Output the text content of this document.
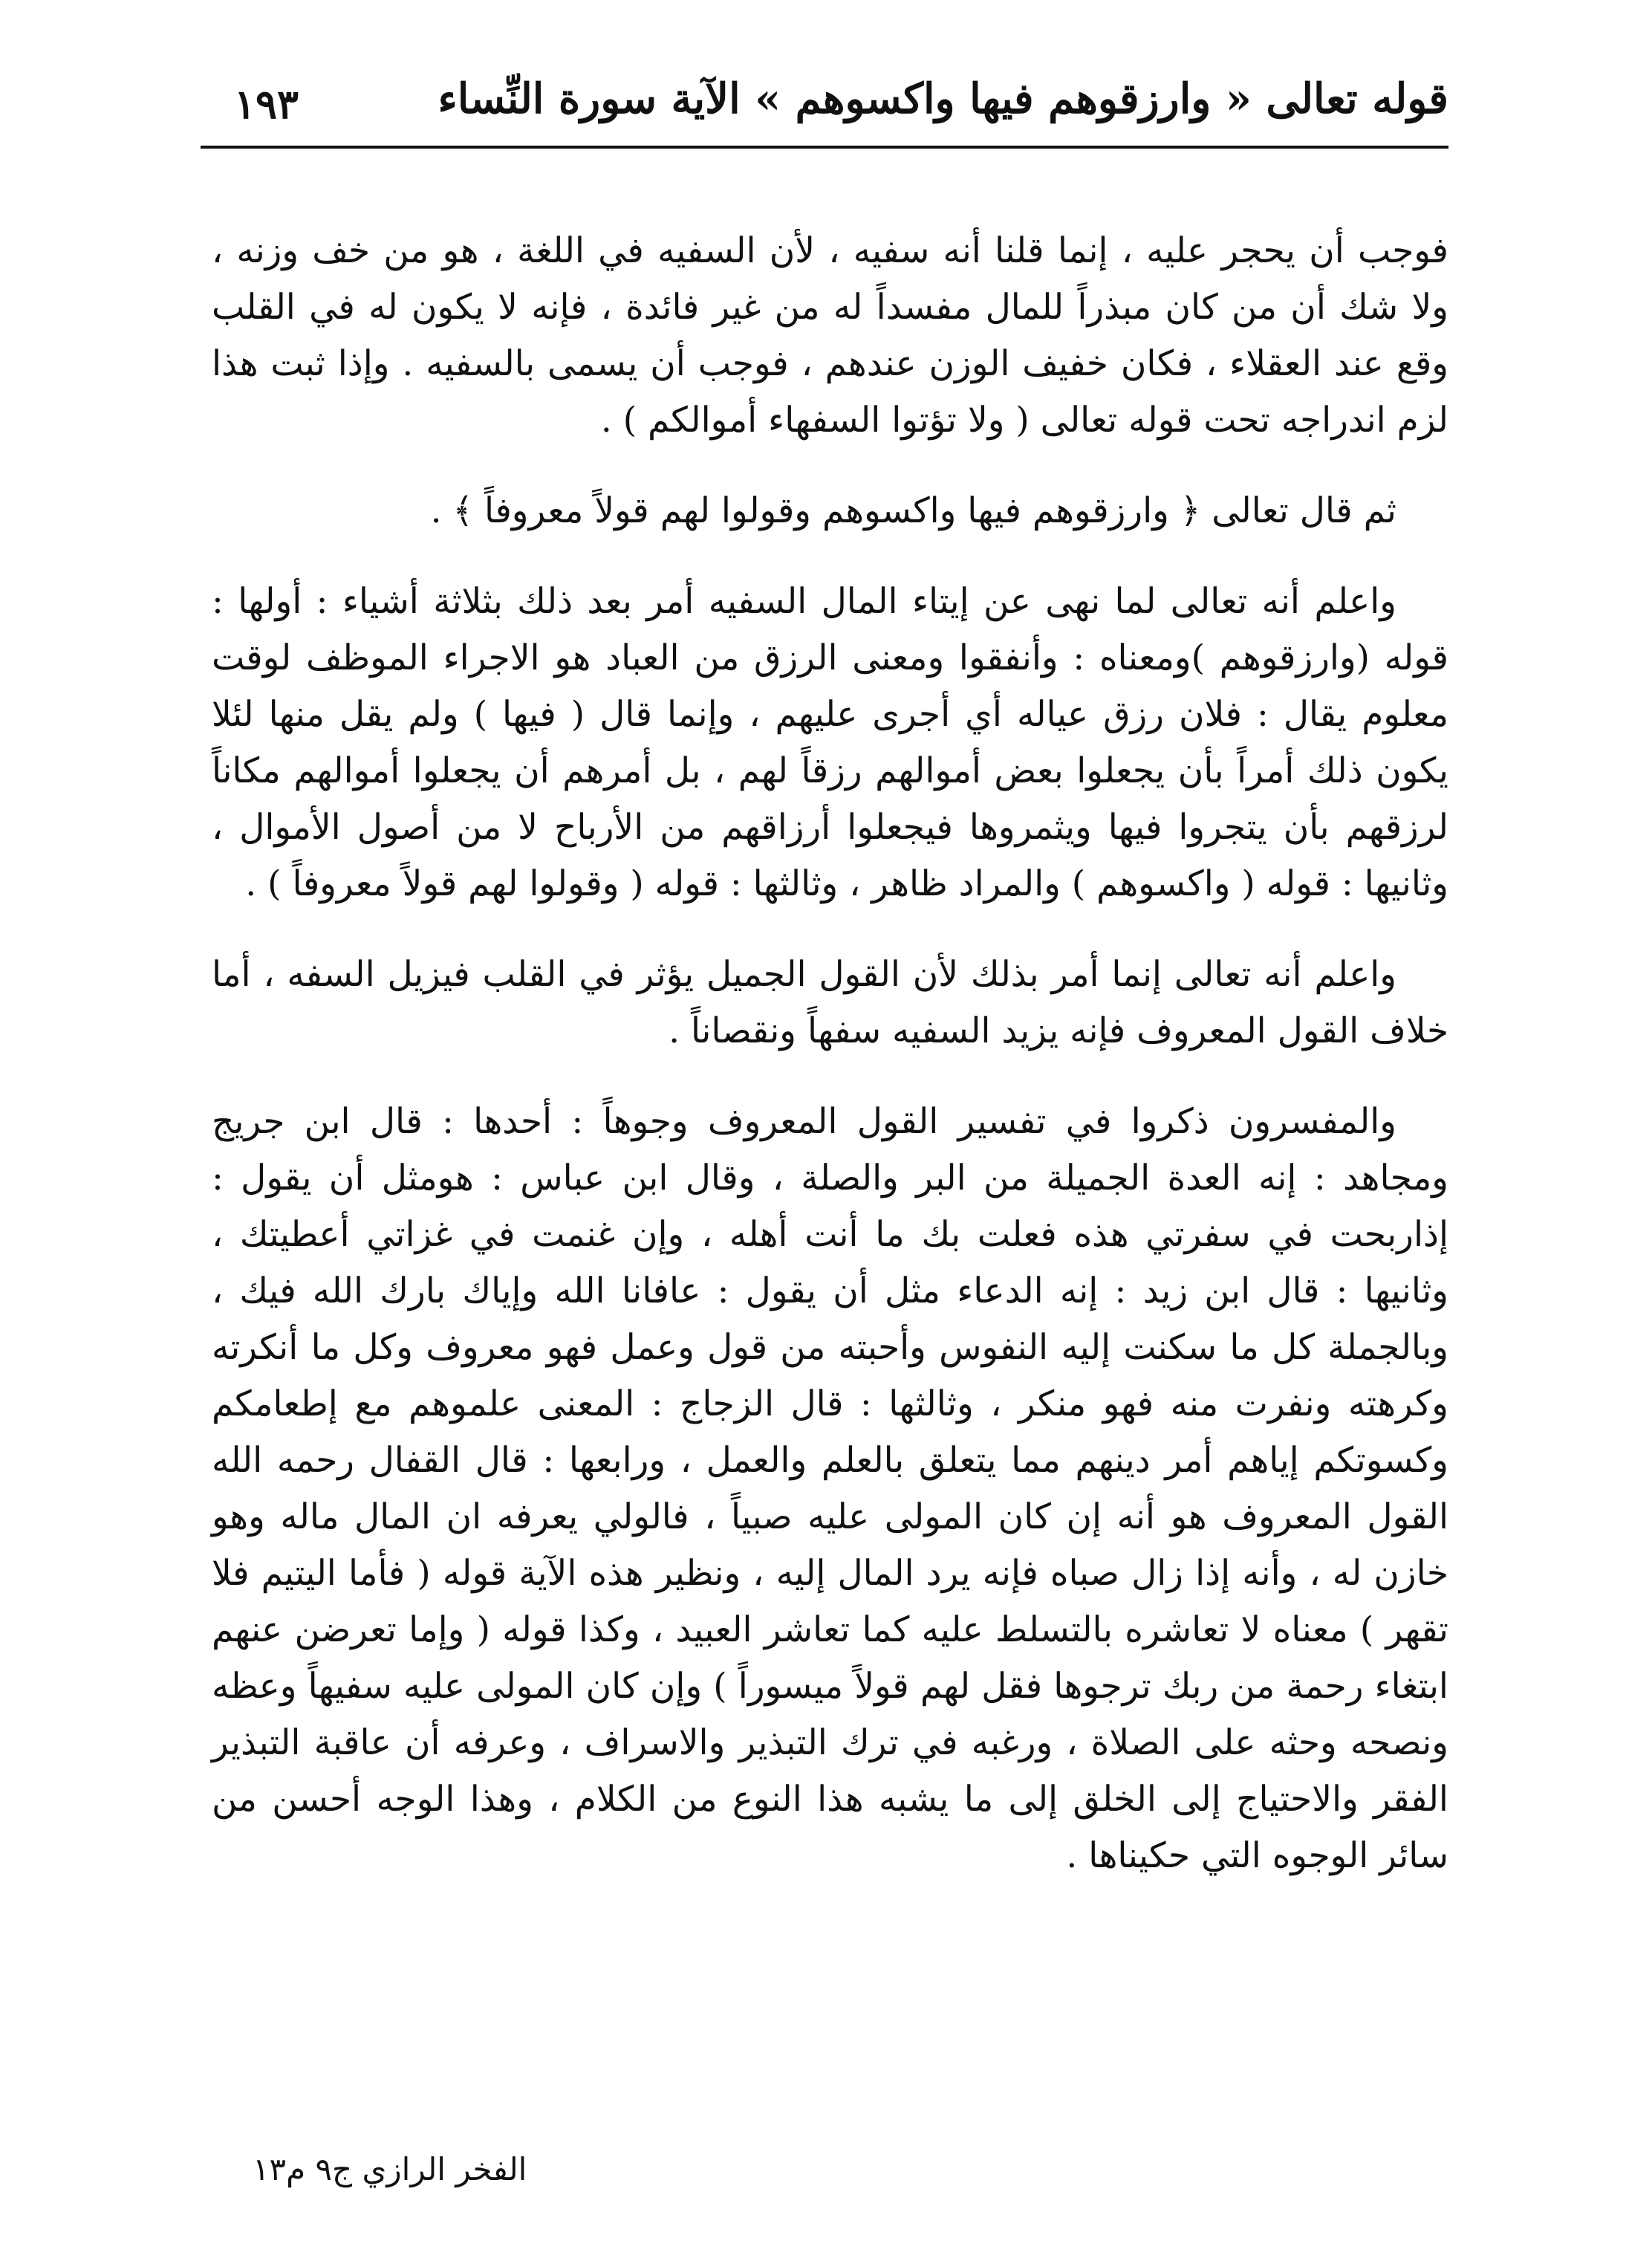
قوله تعالى « وارزقوهم فيها واكسوهم » الآية سورة النِّساء
١٩٣

فوجب أن يحجر عليه ، إنما قلنا أنه سفيه ، لأن السفيه في اللغة ، هو من خف وزنه ، ولا شك أن من كان مبذراً للمال مفسداً له من غير فائدة ، فإنه لا يكون له في القلب وقع عند العقلاء ، فكان خفيف الوزن عندهم ، فوجب أن يسمى بالسفيه . وإذا ثبت هذا لزم اندراجه تحت قوله تعالى ( ولا تؤتوا السفهاء أموالكم ) .

ثم قال تعالى ﴿ وارزقوهم فيها واكسوهم وقولوا لهم قولاً معروفاً ﴾ .

واعلم أنه تعالى لما نهى عن إيتاء المال السفيه أمر بعد ذلك بثلاثة أشياء : أولها : قوله (وارزقوهم )ومعناه : وأنفقوا ومعنى الرزق من العباد هو الاجراء الموظف لوقت معلوم يقال : فلان رزق عياله أي أجرى عليهم ، وإنما قال ( فيها ) ولم يقل منها لئلا يكون ذلك أمراً بأن يجعلوا بعض أموالهم رزقاً لهم ، بل أمرهم أن يجعلوا أموالهم مكاناً لرزقهم بأن يتجروا فيها ويثمروها فيجعلوا أرزاقهم من الأرباح لا من أصول الأموال ، وثانيها : قوله ( واكسوهم ) والمراد ظاهر ، وثالثها : قوله ( وقولوا لهم قولاً معروفاً ) .

واعلم أنه تعالى إنما أمر بذلك لأن القول الجميل يؤثر في القلب فيزيل السفه ، أما خلاف القول المعروف فإنه يزيد السفيه سفهاً ونقصاناً .

والمفسرون ذكروا في تفسير القول المعروف وجوهاً : أحدها : قال ابن جريج ومجاهد : إنه العدة الجميلة من البر والصلة ، وقال ابن عباس : هومثل أن يقول : إذاربحت في سفرتي هذه فعلت بك ما أنت أهله ، وإن غنمت في غزاتي أعطيتك ، وثانيها : قال ابن زيد : إنه الدعاء مثل أن يقول : عافانا الله وإياك بارك الله فيك ، وبالجملة كل ما سكنت إليه النفوس وأحبته من قول وعمل فهو معروف وكل ما أنكرته وكرهته ونفرت منه فهو منكر ، وثالثها : قال الزجاج : المعنى علموهم مع إطعامكم وكسوتكم إياهم أمر دينهم مما يتعلق بالعلم والعمل ، ورابعها : قال القفال رحمه الله القول المعروف هو أنه إن كان المولى عليه صبياً ، فالولي يعرفه ان المال ماله وهو خازن له ، وأنه إذا زال صباه فإنه يرد المال إليه ، ونظير هذه الآية قوله ( فأما اليتيم فلا تقهر ) معناه لا تعاشره بالتسلط عليه كما تعاشر العبيد ، وكذا قوله ( وإما تعرضن عنهم ابتغاء رحمة من ربك ترجوها فقل لهم قولاً ميسوراً ) وإن كان المولى عليه سفيهاً وعظه ونصحه وحثه على الصلاة ، ورغبه في ترك التبذير والاسراف ، وعرفه أن عاقبة التبذير الفقر والاحتياج إلى الخلق إلى ما يشبه هذا النوع من الكلام ، وهذا الوجه أحسن من سائر الوجوه التي حكيناها .

الفخر الرازي ج٩ م١٣
